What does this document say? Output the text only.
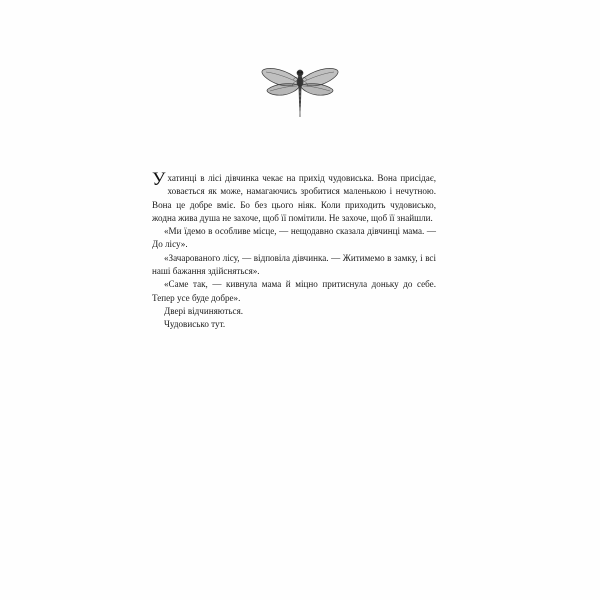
У хатинці в лісі дівчинка чекає на прихід чудовиська. Вона присідає, ховається як може, намагаючись зробитися маленькою і нечутною. Вона це добре вміє. Бо без цього ніяк. Коли приходить чудовисько, жодна жива душа не захоче, щоб її помітили. Не захоче, щоб її знайшли.

«Ми їдемо в особливе місце, — нещодавно сказала дівчинці мама. — До лісу».

«Зачарованого лісу, — відповіла дівчинка. — Житимемо в замку, і всі наші бажання здійсняться».

«Саме так, — кивнула мама й міцно притиснула доньку до себе. Тепер усе буде добре».

Двері відчиняються.

Чудовисько тут.
